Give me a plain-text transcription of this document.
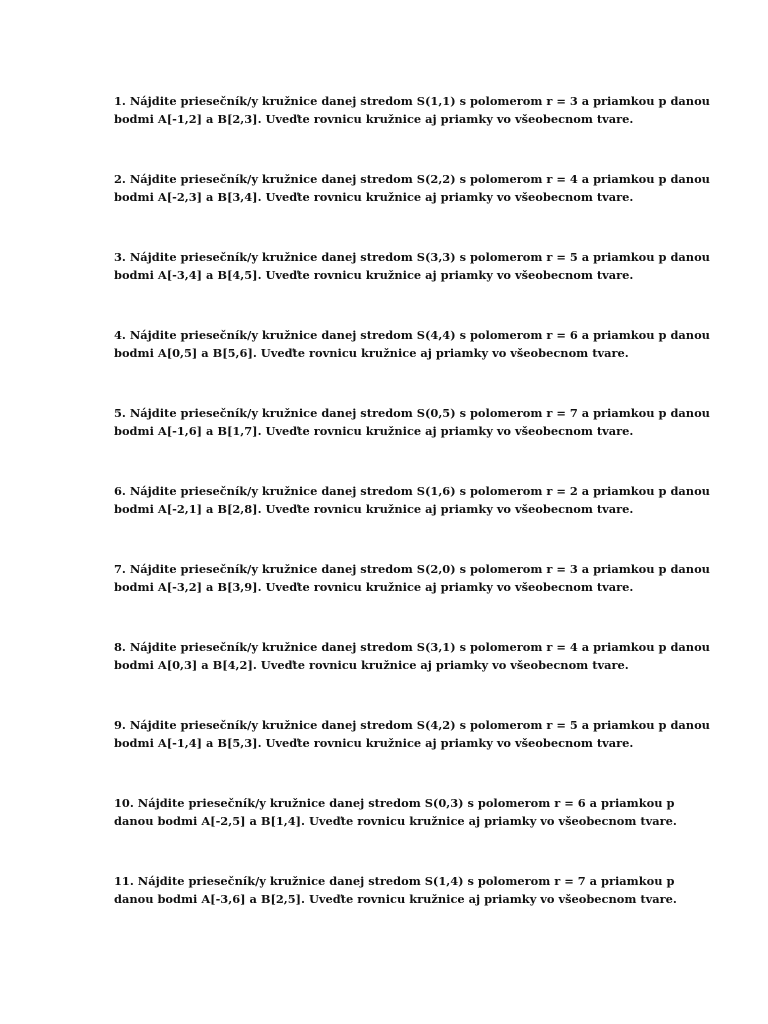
1. Nájdite priesečník/y kružnice danej stredom S(1,1) s polomerom r = 3 a priamkou p danou
bodmi A[-1,2] a B[2,3]. Uveďte rovnicu kružnice aj priamky vo všeobecnom tvare.
2. Nájdite priesečník/y kružnice danej stredom S(2,2) s polomerom r = 4 a priamkou p danou
bodmi A[-2,3] a B[3,4]. Uveďte rovnicu kružnice aj priamky vo všeobecnom tvare.
3. Nájdite priesečník/y kružnice danej stredom S(3,3) s polomerom r = 5 a priamkou p danou
bodmi A[-3,4] a B[4,5]. Uveďte rovnicu kružnice aj priamky vo všeobecnom tvare.
4. Nájdite priesečník/y kružnice danej stredom S(4,4) s polomerom r = 6 a priamkou p danou
bodmi A[0,5] a B[5,6]. Uveďte rovnicu kružnice aj priamky vo všeobecnom tvare.
5. Nájdite priesečník/y kružnice danej stredom S(0,5) s polomerom r = 7 a priamkou p danou
bodmi A[-1,6] a B[1,7]. Uveďte rovnicu kružnice aj priamky vo všeobecnom tvare.
6. Nájdite priesečník/y kružnice danej stredom S(1,6) s polomerom r = 2 a priamkou p danou
bodmi A[-2,1] a B[2,8]. Uveďte rovnicu kružnice aj priamky vo všeobecnom tvare.
7. Nájdite priesečník/y kružnice danej stredom S(2,0) s polomerom r = 3 a priamkou p danou
bodmi A[-3,2] a B[3,9]. Uveďte rovnicu kružnice aj priamky vo všeobecnom tvare.
8. Nájdite priesečník/y kružnice danej stredom S(3,1) s polomerom r = 4 a priamkou p danou
bodmi A[0,3] a B[4,2]. Uveďte rovnicu kružnice aj priamky vo všeobecnom tvare.
9. Nájdite priesečník/y kružnice danej stredom S(4,2) s polomerom r = 5 a priamkou p danou
bodmi A[-1,4] a B[5,3]. Uveďte rovnicu kružnice aj priamky vo všeobecnom tvare.
10. Nájdite priesečník/y kružnice danej stredom S(0,3) s polomerom r = 6 a priamkou p
danou bodmi A[-2,5] a B[1,4]. Uveďte rovnicu kružnice aj priamky vo všeobecnom tvare.
11. Nájdite priesečník/y kružnice danej stredom S(1,4) s polomerom r = 7 a priamkou p
danou bodmi A[-3,6] a B[2,5]. Uveďte rovnicu kružnice aj priamky vo všeobecnom tvare.
